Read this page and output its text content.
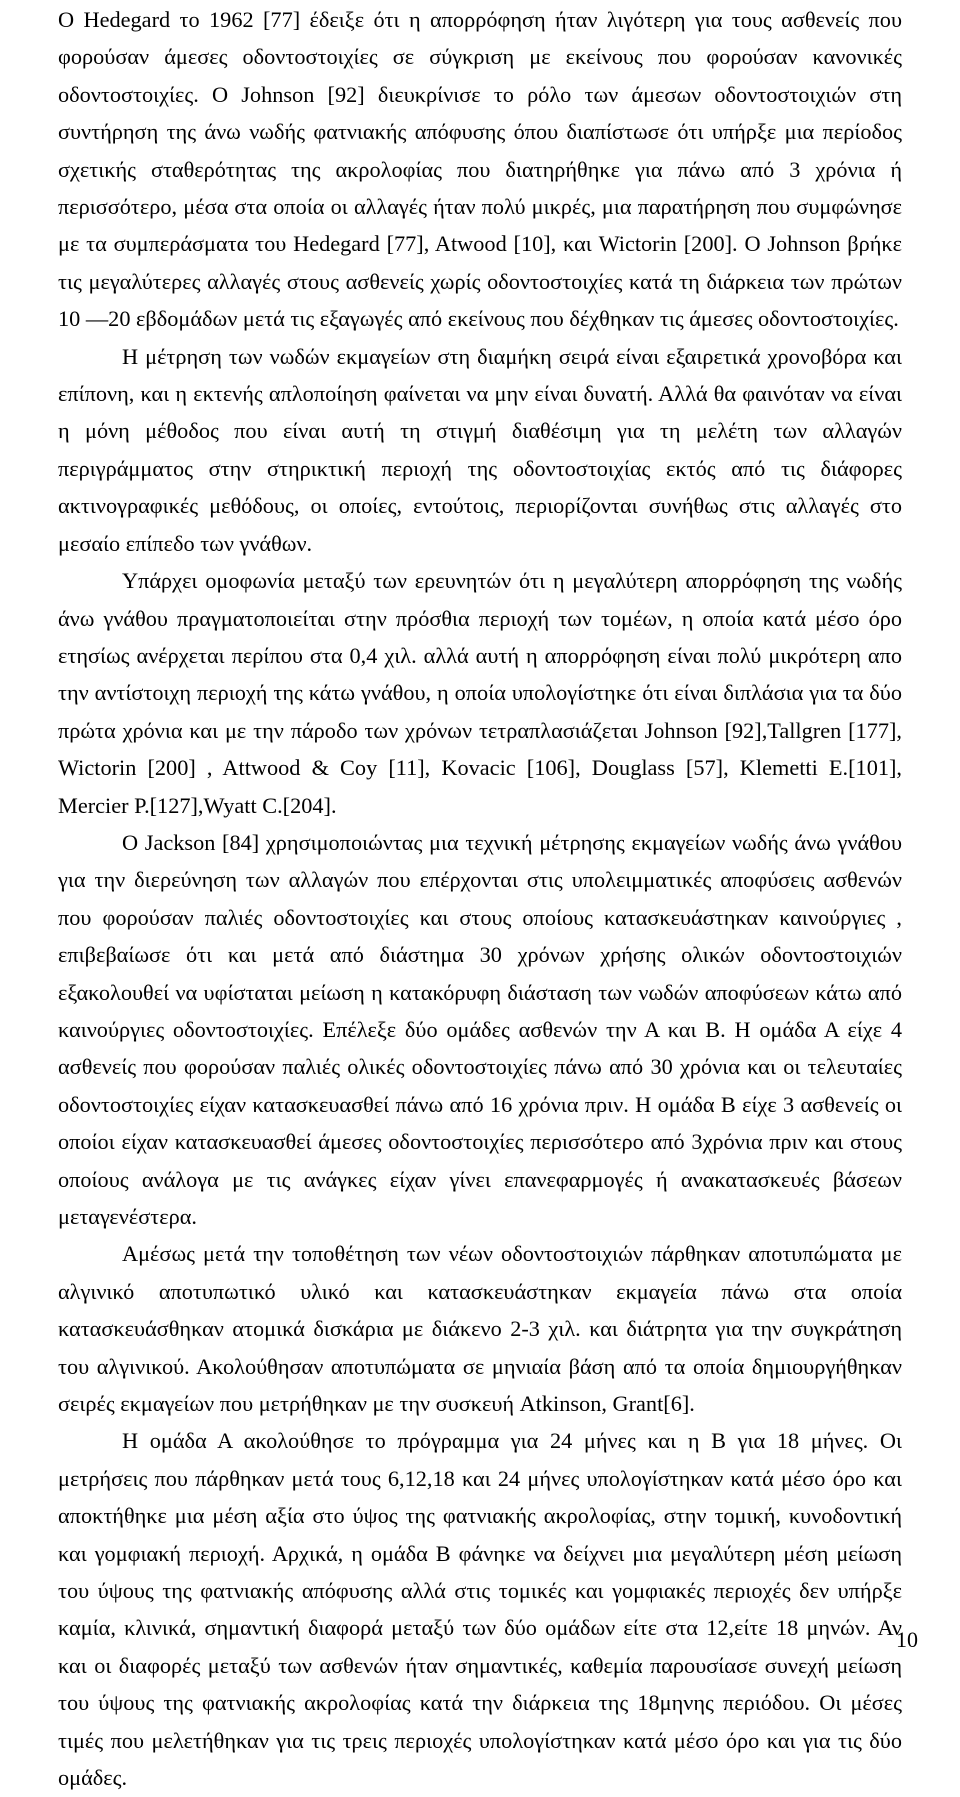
Ο Hedegard το 1962 [77] έδειξε ότι η απορρόφηση ήταν λιγότερη για τους ασθενείς που φορούσαν άμεσες οδοντοστοιχίες σε σύγκριση με εκείνους που φορούσαν κανονικές οδοντοστοιχίες. Ο Johnson [92] διευκρίνισε το ρόλο των άμεσων οδοντοστοιχιών στη συντήρηση της άνω νωδής φατνιακής απόφυσης όπου διαπίστωσε ότι υπήρξε μια περίοδος σχετικής σταθερότητας της ακρολοφίας που διατηρήθηκε για πάνω από 3 χρόνια ή περισσότερο, μέσα στα οποία οι αλλαγές ήταν πολύ μικρές, μια παρατήρηση που συμφώνησε με τα συμπεράσματα του Hedegard [77], Atwood [10], και Wictorin [200]. Ο Johnson βρήκε τις μεγαλύτερες αλλαγές στους ασθενείς χωρίς οδοντοστοιχίες κατά τη διάρκεια των πρώτων 10 —20 εβδομάδων μετά τις εξαγωγές από εκείνους που δέχθηκαν τις άμεσες οδοντοστοιχίες.

Η μέτρηση των νωδών εκμαγείων στη διαμήκη σειρά είναι εξαιρετικά χρονοβόρα και επίπονη, και η εκτενής απλοποίηση φαίνεται να μην είναι δυνατή. Αλλά θα φαινόταν να είναι η μόνη μέθοδος που είναι αυτή τη στιγμή διαθέσιμη για τη μελέτη των αλλαγών περιγράμματος στην στηρικτική περιοχή της οδοντοστοιχίας εκτός από τις διάφορες ακτινογραφικές μεθόδους, οι οποίες, εντούτοις, περιορίζονται συνήθως στις αλλαγές στο μεσαίο επίπεδο των γνάθων.

Υπάρχει ομοφωνία μεταξύ των ερευνητών ότι η μεγαλύτερη απορρόφηση της νωδής άνω γνάθου πραγματοποιείται στην πρόσθια περιοχή των τομέων, η οποία κατά μέσο όρο ετησίως ανέρχεται περίπου στα 0,4 χιλ. αλλά αυτή η απορρόφηση είναι πολύ μικρότερη απο την αντίστοιχη περιοχή της κάτω γνάθου, η οποία υπολογίστηκε ότι είναι διπλάσια για τα δύο πρώτα χρόνια και με την πάροδο των χρόνων τετραπλασιάζεται Johnson [92],Tallgren [177], Wictorin [200] , Attwood & Coy [11], Kovacic [106], Douglass [57], Klemetti E.[101], Mercier P.[127],Wyatt C.[204].

Ο Jackson [84] χρησιμοποιώντας μια τεχνική μέτρησης εκμαγείων νωδής άνω γνάθου για την διερεύνηση των αλλαγών που επέρχονται στις υπολειμματικές αποφύσεις ασθενών που φορούσαν παλιές οδοντοστοιχίες και στους οποίους κατασκευάστηκαν καινούργιες , επιβεβαίωσε ότι και μετά από διάστημα 30 χρόνων χρήσης ολικών οδοντοστοιχιών εξακολουθεί να υφίσταται μείωση η κατακόρυφη διάσταση των νωδών αποφύσεων κάτω από καινούργιες οδοντοστοιχίες. Επέλεξε δύο ομάδες ασθενών την Α και Β. Η ομάδα Α είχε 4 ασθενείς που φορούσαν παλιές ολικές οδοντοστοιχίες πάνω από 30 χρόνια και οι τελευταίες οδοντοστοιχίες είχαν κατασκευασθεί πάνω από 16 χρόνια πριν. Η ομάδα Β είχε 3 ασθενείς οι οποίοι είχαν κατασκευασθεί άμεσες οδοντοστοιχίες περισσότερο από 3χρόνια πριν και στους οποίους ανάλογα με τις ανάγκες είχαν γίνει επανεφαρμογές ή ανακατασκευές βάσεων μεταγενέστερα.

Αμέσως μετά την τοποθέτηση των νέων οδοντοστοιχιών πάρθηκαν αποτυπώματα με αλγινικό αποτυπωτικό υλικό και κατασκευάστηκαν εκμαγεία πάνω στα οποία κατασκευάσθηκαν ατομικά δισκάρια με διάκενο 2-3 χιλ. και διάτρητα για την συγκράτηση του αλγινικού. Ακολούθησαν αποτυπώματα σε μηνιαία βάση από τα οποία δημιουργήθηκαν σειρές εκμαγείων που μετρήθηκαν με την συσκευή Atkinson, Grant[6].

Η ομάδα Α ακολούθησε το πρόγραμμα για 24 μήνες και η Β για 18 μήνες. Οι μετρήσεις που πάρθηκαν μετά τους 6,12,18 και 24 μήνες υπολογίστηκαν κατά μέσο όρο και αποκτήθηκε μια μέση αξία στο ύψος της φατνιακής ακρολοφίας, στην τομική, κυνοδοντική και γομφιακή περιοχή. Αρχικά, η ομάδα Β φάνηκε να δείχνει μια μεγαλύτερη μέση μείωση του ύψους της φατνιακής απόφυσης αλλά στις τομικές και γομφιακές περιοχές δεν υπήρξε καμία, κλινικά, σημαντική διαφορά μεταξύ των δύο ομάδων είτε στα 12,είτε 18 μηνών. Αν και οι διαφορές μεταξύ των ασθενών ήταν σημαντικές, καθεμία παρουσίασε συνεχή μείωση του ύψους της φατνιακής ακρολοφίας κατά την διάρκεια της 18μηνης περιόδου. Οι μέσες τιμές που μελετήθηκαν για τις τρεις περιοχές υπολογίστηκαν κατά μέσο όρο και για τις δύο ομάδες.

10
